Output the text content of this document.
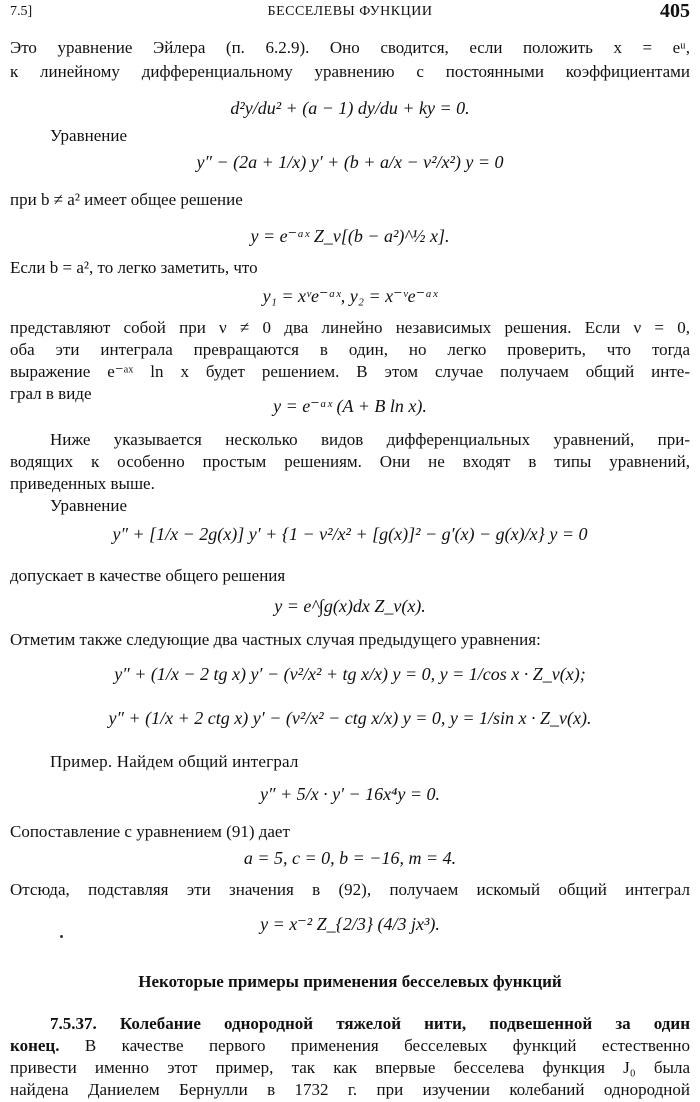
7.5]	БЕССЕЛЕВЫ ФУНКЦИИ	405
Это уравнение Эйлера (п. 6.2.9). Оно сводится, если положить x = eᵘ,
к линейному дифференциальному уравнению с постоянными коэффициентами
d²y/du² + (a − 1) dy/du + ky = 0.
Уравнение
y″ − (2a + 1/x) y′ + (b + a/x − ν²/x²) y = 0
при b ≠ a² имеет общее решение
y = e⁻ᵃˣ Z_ν[(b − a²)^½ x].
Если b = a², то легко заметить, что
y₁ = xᵛe⁻ᵃˣ, y₂ = x⁻ᵛe⁻ᵃˣ
представляют собой при ν ≠ 0 два линейно независимых решения. Если ν = 0,
оба эти интеграла превращаются в один, но легко проверить, что тогда
выражение e⁻ᵃˣ ln x будет решением. В этом случае получаем общий инте-
грал в виде
y = e⁻ᵃˣ (A + B ln x).
Ниже указывается несколько видов дифференциальных уравнений, при-
водящих к особенно простым решениям. Они не входят в типы уравнений,
приведенных выше.
Уравнение
y″ + [1/x − 2g(x)] y′ + {1 − ν²/x² + [g(x)]² − g′(x) − g(x)/x} y = 0
допускает в качестве общего решения
y = e^∫g(x)dx Z_ν(x).
Отметим также следующие два частных случая предыдущего уравнения:
y″ + (1/x − 2 tg x) y′ − (ν²/x² + tg x/x) y = 0, y = 1/cos x · Z_ν(x);
y″ + (1/x + 2 ctg x) y′ − (ν²/x² − ctg x/x) y = 0, y = 1/sin x · Z_ν(x).
Пример. Найдем общий интеграл
y″ + 5/x · y′ − 16x⁴y = 0.
Сопоставление с уравнением (91) дает
a = 5, c = 0, b = −16, m = 4.
Отсюда, подставляя эти значения в (92), получаем искомый общий интеграл
y = x⁻² Z_{2/3} (4/3 jx³).
Некоторые примеры применения бесселевых функций
7.5.37. Колебание однородной тяжелой нити, подвешенной за один
конец. В качестве первого применения бесселевых функций естественно
привести именно этот пример, так как впервые бесселева функция J₀ была
найдена Даниелем Бернулли в 1732 г. при изучении колебаний однородной
